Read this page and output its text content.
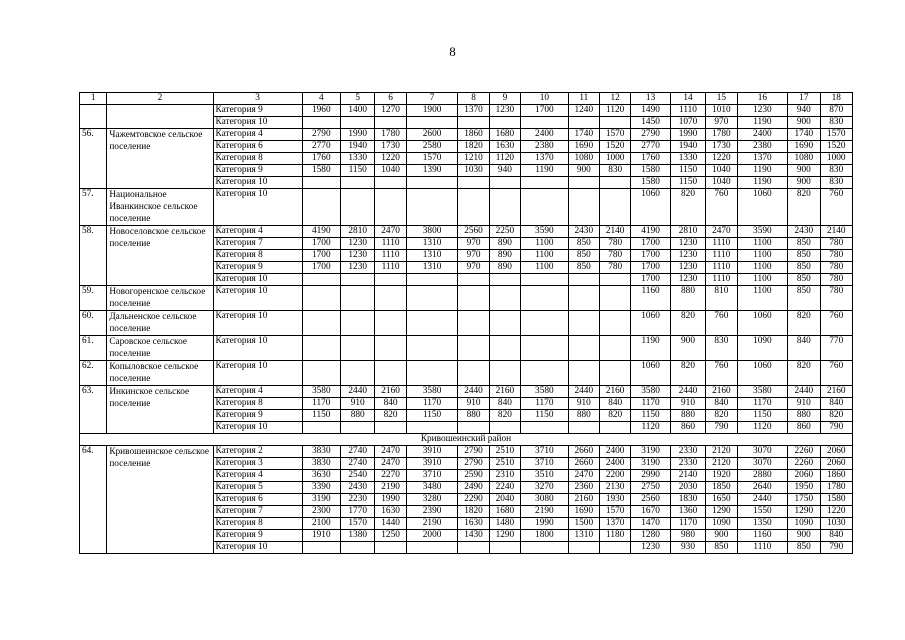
8
1	2	3	4	5	6	7	8	9	10	11	12	13	14	15	16	17	18
		Категория 9	1960	1400	1270	1900	1370	1230	1700	1240	1120	1490	1110	1010	1230	940	870
		Категория 10										1450	1070	970	1190	900	830
56.	Чажемтовское сельское поселение	Категория 4	2790	1990	1780	2600	1860	1680	2400	1740	1570	2790	1990	1780	2400	1740	1570
		Категория 6	2770	1940	1730	2580	1820	1630	2380	1690	1520	2770	1940	1730	2380	1690	1520
		Категория 8	1760	1330	1220	1570	1210	1120	1370	1080	1000	1760	1330	1220	1370	1080	1000
		Категория 9	1580	1150	1040	1390	1030	940	1190	900	830	1580	1150	1040	1190	900	830
		Категория 10										1580	1150	1040	1190	900	830
57.	Национальное Иванкинское сельское поселение	Категория 10										1060	820	760	1060	820	760
58.	Новоселовское сельское поселение	Категория 4	4190	2810	2470	3800	2560	2250	3590	2430	2140	4190	2810	2470	3590	2430	2140
		Категория 7	1700	1230	1110	1310	970	890	1100	850	780	1700	1230	1110	1100	850	780
		Категория 8	1700	1230	1110	1310	970	890	1100	850	780	1700	1230	1110	1100	850	780
		Категория 9	1700	1230	1110	1310	970	890	1100	850	780	1700	1230	1110	1100	850	780
		Категория 10										1700	1230	1110	1100	850	780
59.	Новогоренское сельское поселение	Категория 10										1160	880	810	1100	850	780
60.	Дальненское сельское поселение	Категория 10										1060	820	760	1060	820	760
61.	Саровское сельское поселение	Категория 10										1190	900	830	1090	840	770
62.	Копыловское сельское поселение	Категория 10										1060	820	760	1060	820	760
63.	Инкинское сельское поселение	Категория 4	3580	2440	2160	3580	2440	2160	3580	2440	2160	3580	2440	2160	3580	2440	2160
		Категория 8	1170	910	840	1170	910	840	1170	910	840	1170	910	840	1170	910	840
		Категория 9	1150	880	820	1150	880	820	1150	880	820	1150	880	820	1150	880	820
		Категория 10										1120	860	790	1120	860	790
Кривошеинский район																	
64.	Кривошеинское сельское поселение	Категория 2	3830	2740	2470	3910	2790	2510	3710	2660	2400	3190	2330	2120	3070	2260	2060
		Категория 3	3830	2740	2470	3910	2790	2510	3710	2660	2400	3190	2330	2120	3070	2260	2060
		Категория 4	3630	2540	2270	3710	2590	2310	3510	2470	2200	2990	2140	1920	2880	2060	1860
		Категория 5	3390	2430	2190	3480	2490	2240	3270	2360	2130	2750	2030	1850	2640	1950	1780
		Категория 6	3190	2230	1990	3280	2290	2040	3080	2160	1930	2560	1830	1650	2440	1750	1580
		Категория 7	2300	1770	1630	2390	1820	1680	2190	1690	1570	1670	1360	1290	1550	1290	1220
		Категория 8	2100	1570	1440	2190	1630	1480	1990	1500	1370	1470	1170	1090	1350	1090	1030
		Категория 9	1910	1380	1250	2000	1430	1290	1800	1310	1180	1280	980	900	1160	900	840
		Категория 10										1230	930	850	1110	850	790
